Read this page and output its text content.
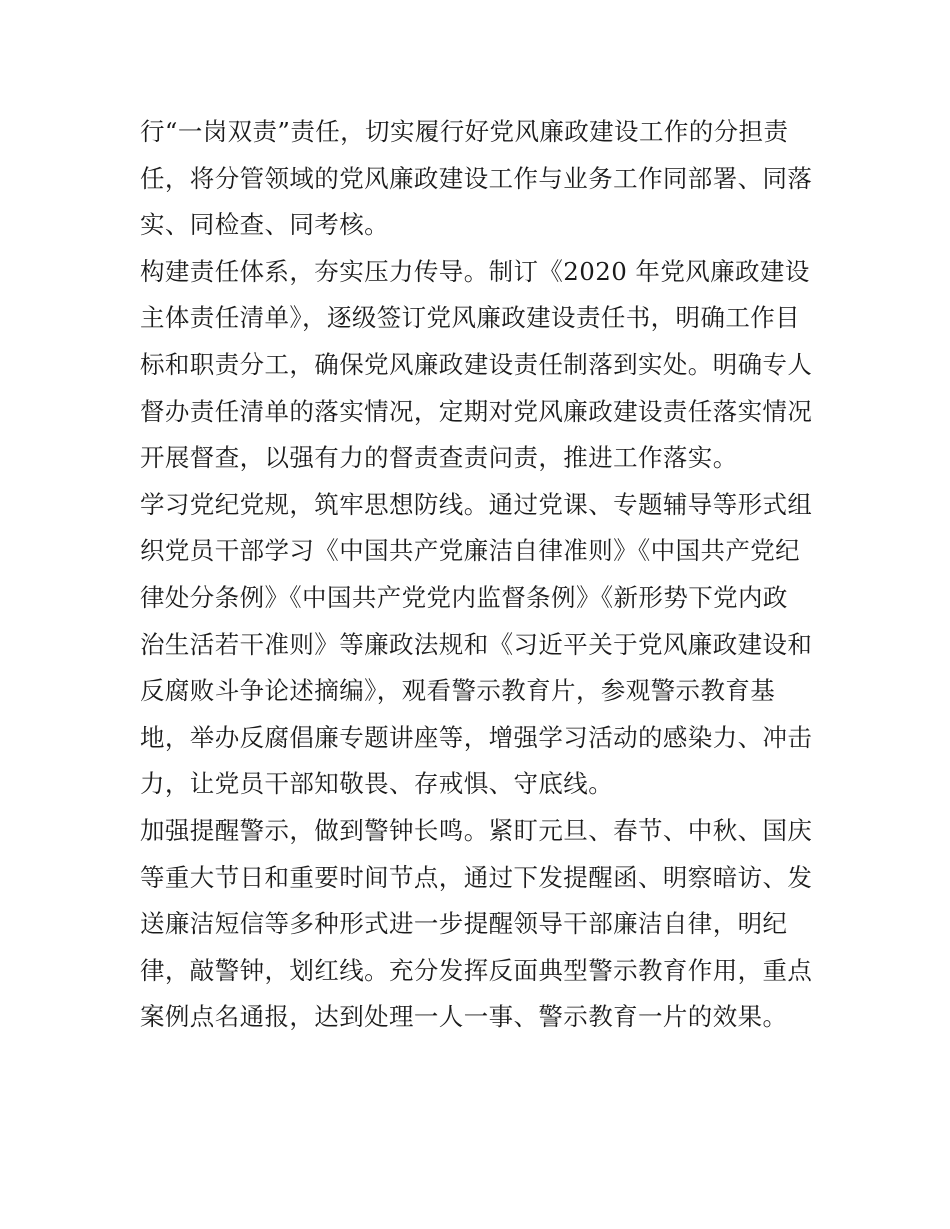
行“一岗双责”责任，切实履行好党风廉政建设工作的分担责
任，将分管领域的党风廉政建设工作与业务工作同部署、同落
实、同检查、同考核。
构建责任体系，夯实压力传导。制订《2020 年党风廉政建设
主体责任清单》，逐级签订党风廉政建设责任书，明确工作目
标和职责分工，确保党风廉政建设责任制落到实处。明确专人
督办责任清单的落实情况，定期对党风廉政建设责任落实情况
开展督查，以强有力的督责查责问责，推进工作落实。
学习党纪党规，筑牢思想防线。通过党课、专题辅导等形式组
织党员干部学习《中国共产党廉洁自律准则》《中国共产党纪
律处分条例》《中国共产党党内监督条例》《新形势下党内政
治生活若干准则》等廉政法规和《习近平关于党风廉政建设和
反腐败斗争论述摘编》，观看警示教育片，参观警示教育基
地，举办反腐倡廉专题讲座等，增强学习活动的感染力、冲击
力，让党员干部知敬畏、存戒惧、守底线。
加强提醒警示，做到警钟长鸣。紧盯元旦、春节、中秋、国庆
等重大节日和重要时间节点，通过下发提醒函、明察暗访、发
送廉洁短信等多种形式进一步提醒领导干部廉洁自律，明纪
律，敲警钟，划红线。充分发挥反面典型警示教育作用，重点
案例点名通报，达到处理一人一事、警示教育一片的效果。
